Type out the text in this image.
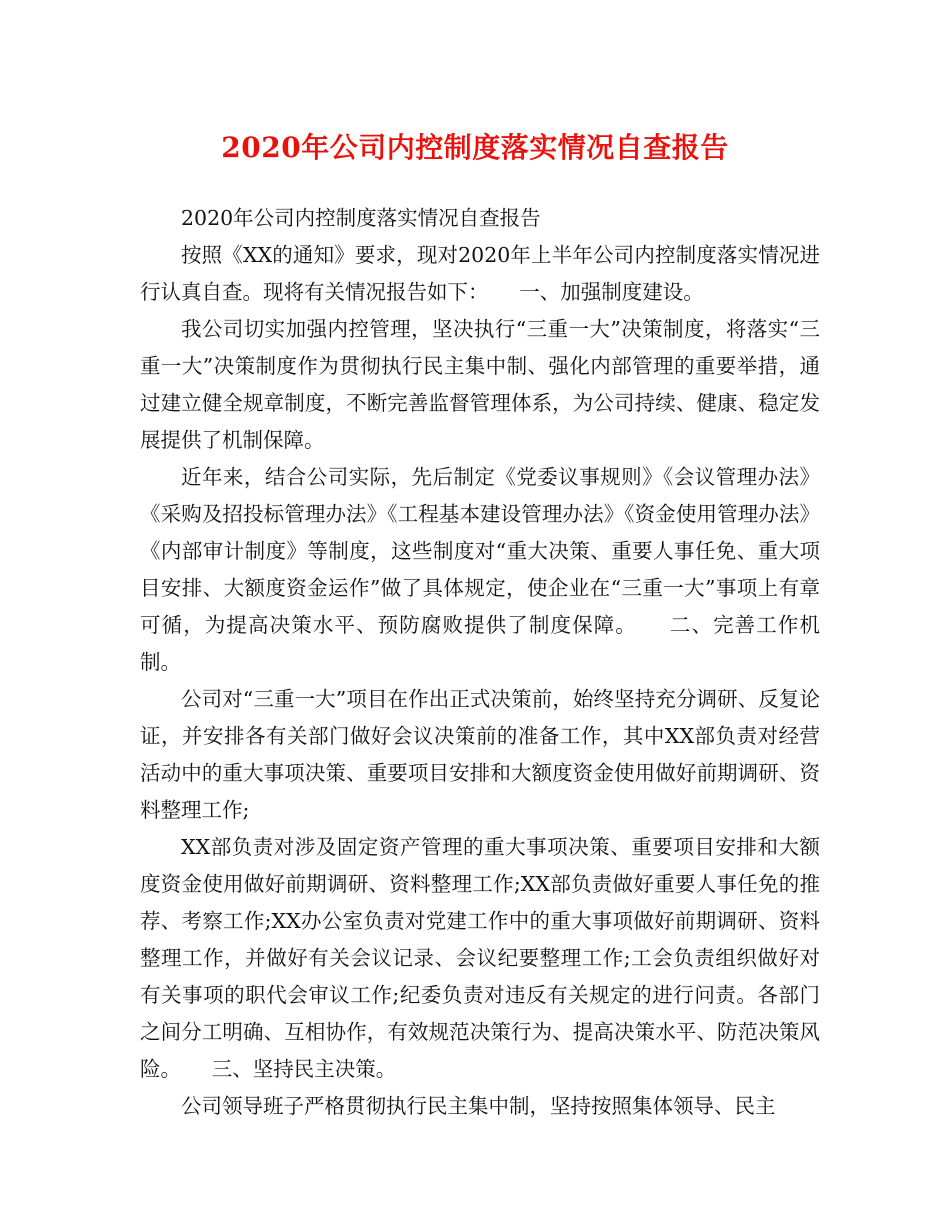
2020年公司内控制度落实情况自查报告

2020年公司内控制度落实情况自查报告

按照《XX的通知》要求，现对2020年上半年公司内控制度落实情况进行认真自查。现将有关情况报告如下：　　一、加强制度建设。

我公司切实加强内控管理，坚决执行“三重一大”决策制度，将落实“三重一大”决策制度作为贯彻执行民主集中制、强化内部管理的重要举措，通过建立健全规章制度，不断完善监督管理体系，为公司持续、健康、稳定发展提供了机制保障。

近年来，结合公司实际，先后制定《党委议事规则》《会议管理办法》《采购及招投标管理办法》《工程基本建设管理办法》《资金使用管理办法》《内部审计制度》等制度，这些制度对“重大决策、重要人事任免、重大项目安排、大额度资金运作”做了具体规定，使企业在“三重一大”事项上有章可循，为提高决策水平、预防腐败提供了制度保障。　　二、完善工作机制。

公司对“三重一大”项目在作出正式决策前，始终坚持充分调研、反复论证，并安排各有关部门做好会议决策前的准备工作，其中XX部负责对经营活动中的重大事项决策、重要项目安排和大额度资金使用做好前期调研、资料整理工作;

XX部负责对涉及固定资产管理的重大事项决策、重要项目安排和大额度资金使用做好前期调研、资料整理工作;XX部负责做好重要人事任免的推荐、考察工作;XX办公室负责对党建工作中的重大事项做好前期调研、资料整理工作，并做好有关会议记录、会议纪要整理工作;工会负责组织做好对有关事项的职代会审议工作;纪委负责对违反有关规定的进行问责。各部门之间分工明确、互相协作，有效规范决策行为、提高决策水平、防范决策风险。　　三、坚持民主决策。

公司领导班子严格贯彻执行民主集中制，坚持按照集体领导、民主
